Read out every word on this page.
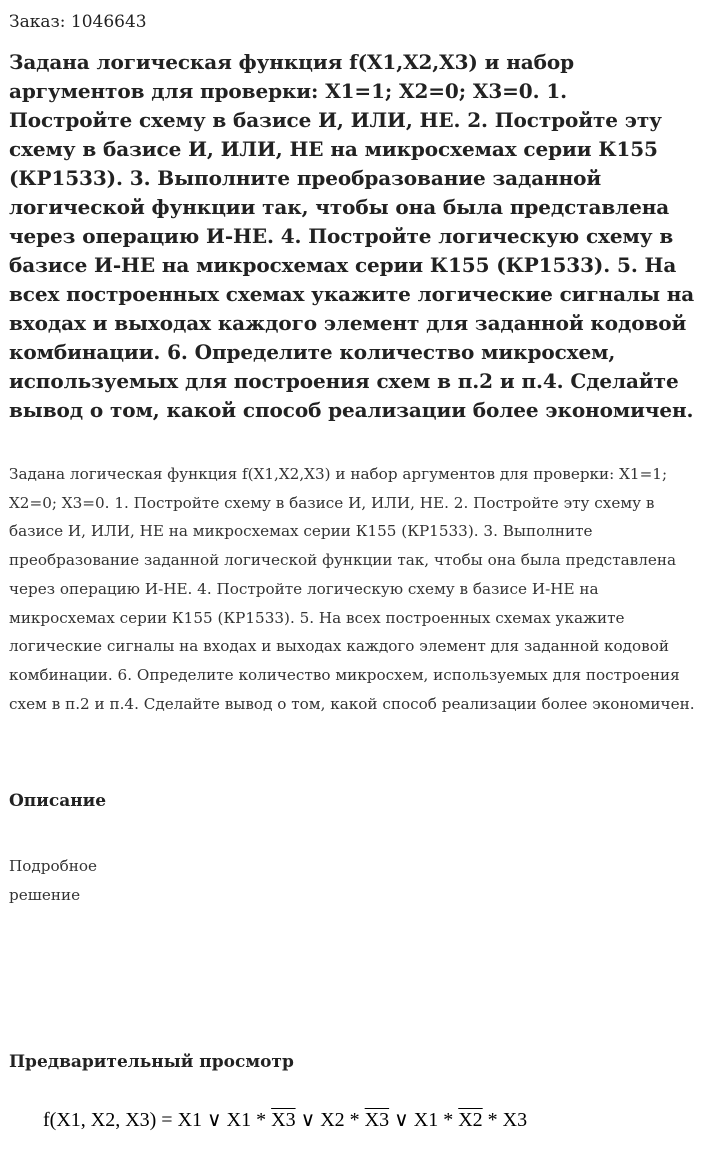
Заказ: 1046643
Задана логическая функция f(X1,X2,X3) и набор аргументов для проверки: X1=1; X2=0; X3=0. 1. Постройте схему в базисе И, ИЛИ, НЕ. 2. Постройте эту схему в базисе И, ИЛИ, НЕ на микросхемах серии К155 (КР1533). 3. Выполните преобразование заданной логической функции так, чтобы она была представлена через операцию И-НЕ. 4. Постройте логическую схему в базисе И-НЕ на микросхемах серии К155 (КР1533). 5. На всех построенных схемах укажите логические сигналы на входах и выходах каждого элемент для заданной кодовой комбинации. 6. Определите количество микросхем, используемых для построения схем в п.2 и п.4. Сделайте вывод о том, какой способ реализации более экономичен.

Задана логическая функция f(X1,X2,X3) и набор аргументов для проверки: X1=1; X2=0; X3=0. 1. Постройте схему в базисе И, ИЛИ, НЕ. 2. Постройте эту схему в базисе И, ИЛИ, НЕ на микросхемах серии К155 (КР1533). 3. Выполните преобразование заданной логической функции так, чтобы она была представлена через операцию И-НЕ. 4. Постройте логическую схему в базисе И-НЕ на микросхемах серии К155 (КР1533). 5. На всех построенных схемах укажите логические сигналы на входах и выходах каждого элемент для заданной кодовой комбинации. 6. Определите количество микросхем, используемых для построения схем в п.2 и п.4. Сделайте вывод о том, какой способ реализации более экономичен.

Описание
Подробное
решение
Предварительный просмотр
f(X1, X2, X3) = X1 ∨ X1 * X3 ∨ X2 * X3 ∨ X1 * X2 * X3
